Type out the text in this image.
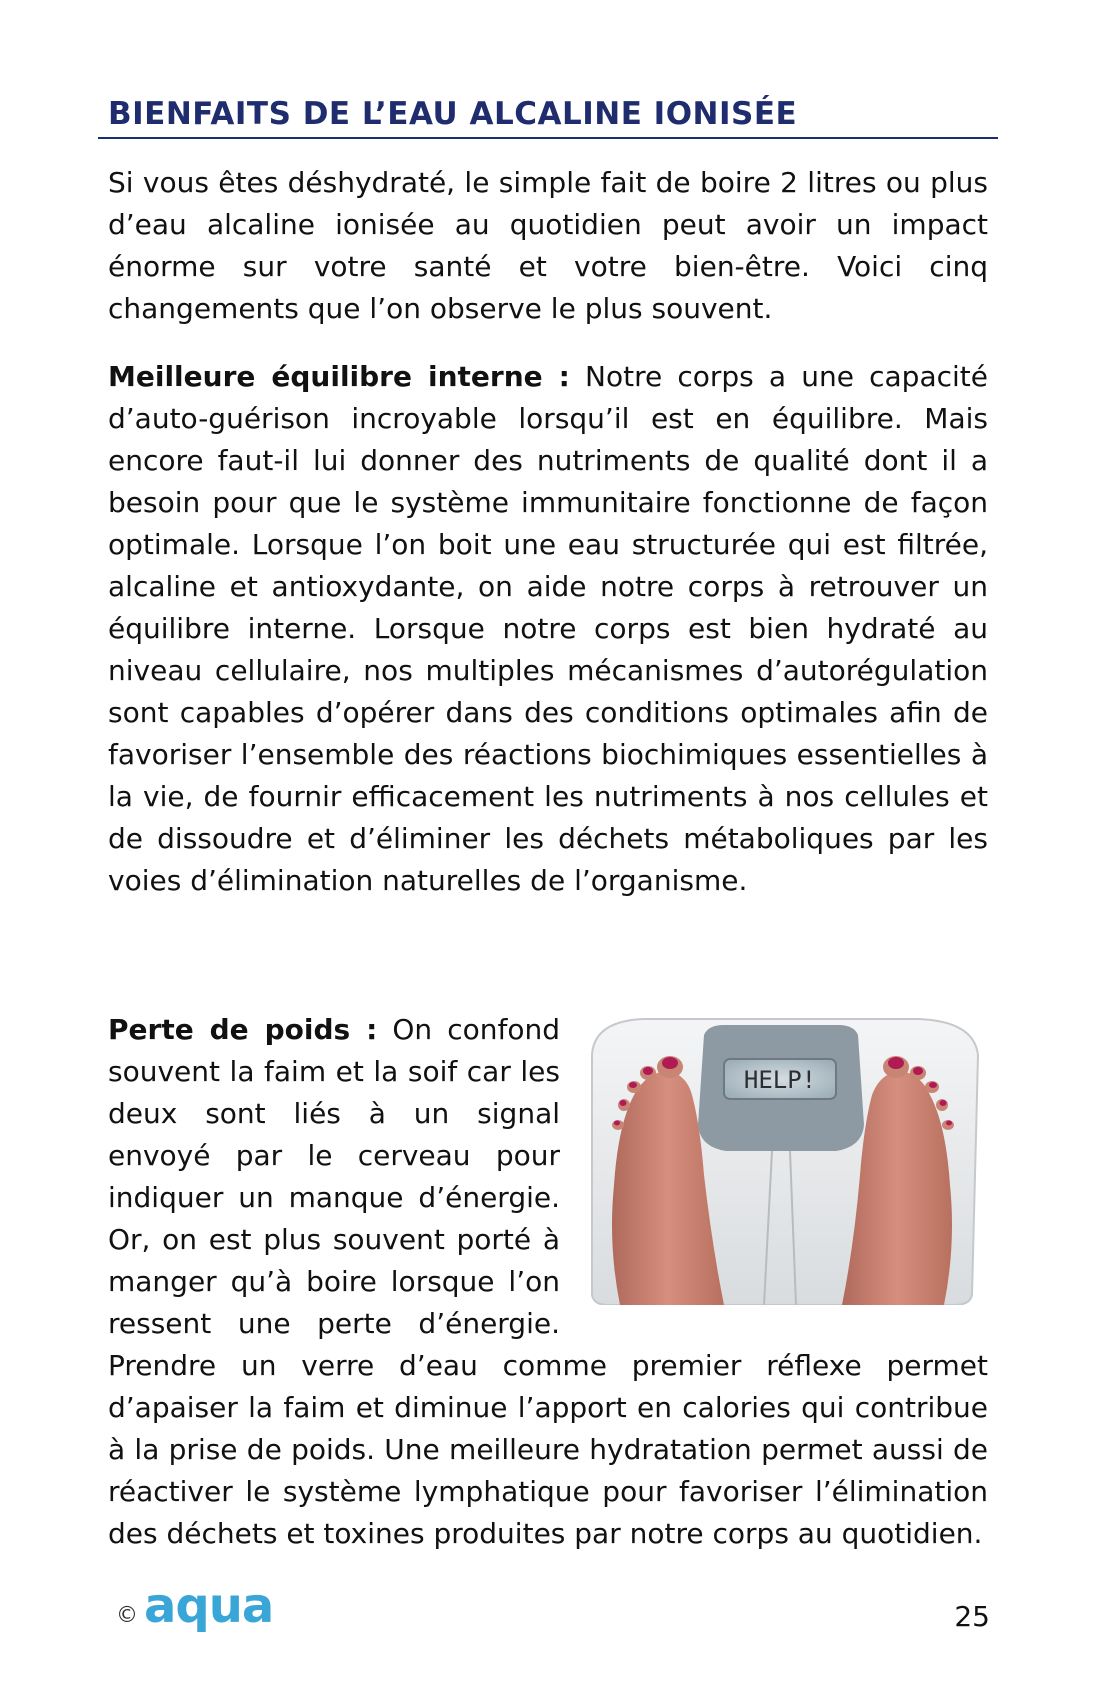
BIENFAITS DE L’EAU ALCALINE IONISÉE

Si vous êtes déshydraté, le simple fait de boire 2 litres ou plus d’eau alcaline ionisée au quotidien peut avoir un impact énorme sur votre santé et votre bien-être. Voici cinq changements que l’on observe le plus souvent.

Meilleure équilibre interne : Notre corps a une capacité d’auto-guérison incroyable lorsqu’il est en équilibre. Mais encore faut-il lui donner des nutriments de qualité dont il a besoin pour que le système immunitaire fonctionne de façon optimale. Lorsque l’on boit une eau structurée qui est filtrée, alcaline et antioxydante, on aide notre corps à retrouver un équilibre interne. Lorsque notre corps est bien hydraté au niveau cellulaire, nos multiples mécanismes d’autorégulation sont capables d’opérer dans des conditions optimales afin de favoriser l’ensemble des réactions biochimiques essentielles à la vie, de fournir efficacement les nutriments à nos cellules et de dissoudre et d’éliminer les déchets métaboliques par les voies d’élimination naturelles de l’organisme.

HELP!

Perte de poids : On confond souvent la faim et la soif car les deux sont liés à un signal envoyé par le cerveau pour indiquer un manque d’énergie. Or, on est plus souvent porté à manger qu’à boire lorsque l’on ressent une perte d’énergie. Prendre un verre d’eau comme premier réflexe permet d’apaiser la faim et diminue l’apport en calories qui contribue à la prise de poids. Une meilleure hydratation permet aussi de réactiver le système lymphatique pour favoriser l’élimination des déchets et toxines produites par notre corps au quotidien.

© aqua	25
